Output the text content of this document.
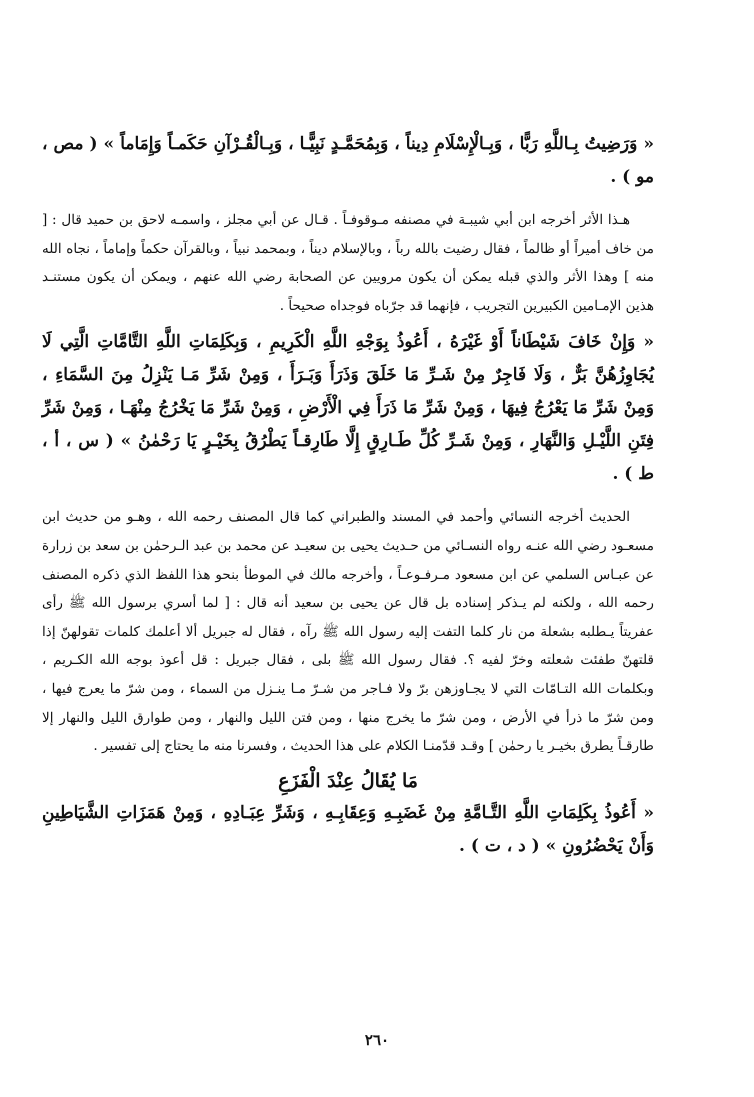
« وَرَضِيتُ بِـاللَّهِ رَبًّا ، وَبِـالْإِسْلَامِ دِيناً ، وَبِمُحَمَّـدٍ نَبِيًّـا ، وَبِـالْقُـرْآنِ حَكَمـاً وَإِمَاماً » ( مص ، مو ) .

هـذا الأثر أخرجه ابن أبي شيبـة في مصنفه مـوقوفـاً . قـال عن أبي مجلز ، واسمـه لاحق بن حميد قال : [ من خاف أميراً أو ظالماً ، فقال رضيت بالله رباً ، وبالإسلام ديناً ، وبمحمد نبياً ، وبالقرآن حكماً وإماماً ، نجاه الله منه ] وهذا الأثر والذي قبله يمكن أن يكون مرويين عن الصحابة رضي الله عنهم ، ويمكن أن يكون مستنـد هذين الإمـامين الكبيرين التجريب ، فإنهما قد جرّباه فوجداه صحيحاً .

« وَإِنْ خَافَ شَيْطَاناً أَوْ غَيْرَهُ ، أَعُوذُ بِوَجْهِ اللَّهِ الْكَرِيمِ ، وَبِكَلِمَاتِ اللَّهِ التَّامَّاتِ الَّتِي لَا يُجَاوِزُهُنَّ بَرٌّ ، وَلَا فَاجِرٌ مِنْ شَـرِّ مَا خَلَقَ وَذَرَأَ وَبَـرَأَ ، وَمِنْ شَرِّ مَـا يَنْزِلُ مِنَ السَّمَاءِ ، وَمِنْ شَرِّ مَا يَعْرُجُ فِيهَا ، وَمِنْ شَرِّ مَا ذَرَأَ فِي الْأَرْضِ ، وَمِنْ شَرِّ مَا يَخْرُجُ مِنْهَـا ، وَمِنْ شَرِّ فِتَنِ اللَّيْـلِ وَالنَّهَارِ ، وَمِنْ شَـرِّ كُلِّ طَـارِقٍ إِلَّا طَارِقـاً يَطْرُقُ بِخَيْـرٍ يَا رَحْمٰنُ » ( س ، أ ، ط ) .

الحديث أخرجه النسائي وأحمد في المسند والطبراني كما قال المصنف رحمه الله ، وهـو من حديث ابن مسعـود رضي الله عنـه رواه النسـائي من حـديث يحيى بن سعيـد عن محمد بن عبد الـرحمٰن بن سعد بن زرارة عن عبـاس السلمي عن ابن مسعود مـرفـوعـاً ، وأخرجه مالك في الموطأ بنحو هذا اللفظ الذي ذكره المصنف رحمه الله ، ولكنه لم يـذكر إسناده بل قال عن يحيى بن سعيد أنه قال : [ لما أسري برسول الله ﷺ رأى عفريتاً يـطلبه بشعلة من نار كلما التفت إليه رسول الله ﷺ رآه ، فقال له جبريل ألا أعلمك كلمات تقولهنّ إذا قلتهنّ طفئت شعلته وخرّ لفيه ؟. فقال رسول الله ﷺ بلى ، فقال جبريل : قل أعوذ بوجه الله الكـريم ، وبكلمات الله التـامّات التي لا يجـاوزهن برّ ولا فـاجر من شـرّ مـا ينـزل من السماء ، ومن شرّ ما يعرج فيها ، ومن شرّ ما ذرأ في الأرض ، ومن شرّ ما يخرج منها ، ومن فتن الليل والنهار ، ومن طوارق الليل والنهار إلا طارقـاً يطرق بخيـر يا رحمٰن ] وقـد قدّمنـا الكلام على هذا الحديث ، وفسرنا منه ما يحتاج إلى تفسير .

مَا يُقَالُ عِنْدَ الْفَزَعِ

« أَعُوذُ بِكَلِمَاتِ اللَّهِ التَّـامَّةِ مِنْ غَضَبِـهِ وَعِقَابِـهِ ، وَشَرِّ عِبَـادِهِ ، وَمِنْ هَمَزَاتِ الشَّيَاطِينِ وَأَنْ يَحْضُرُونِ » ( د ، ت ) .

٢٦٠
